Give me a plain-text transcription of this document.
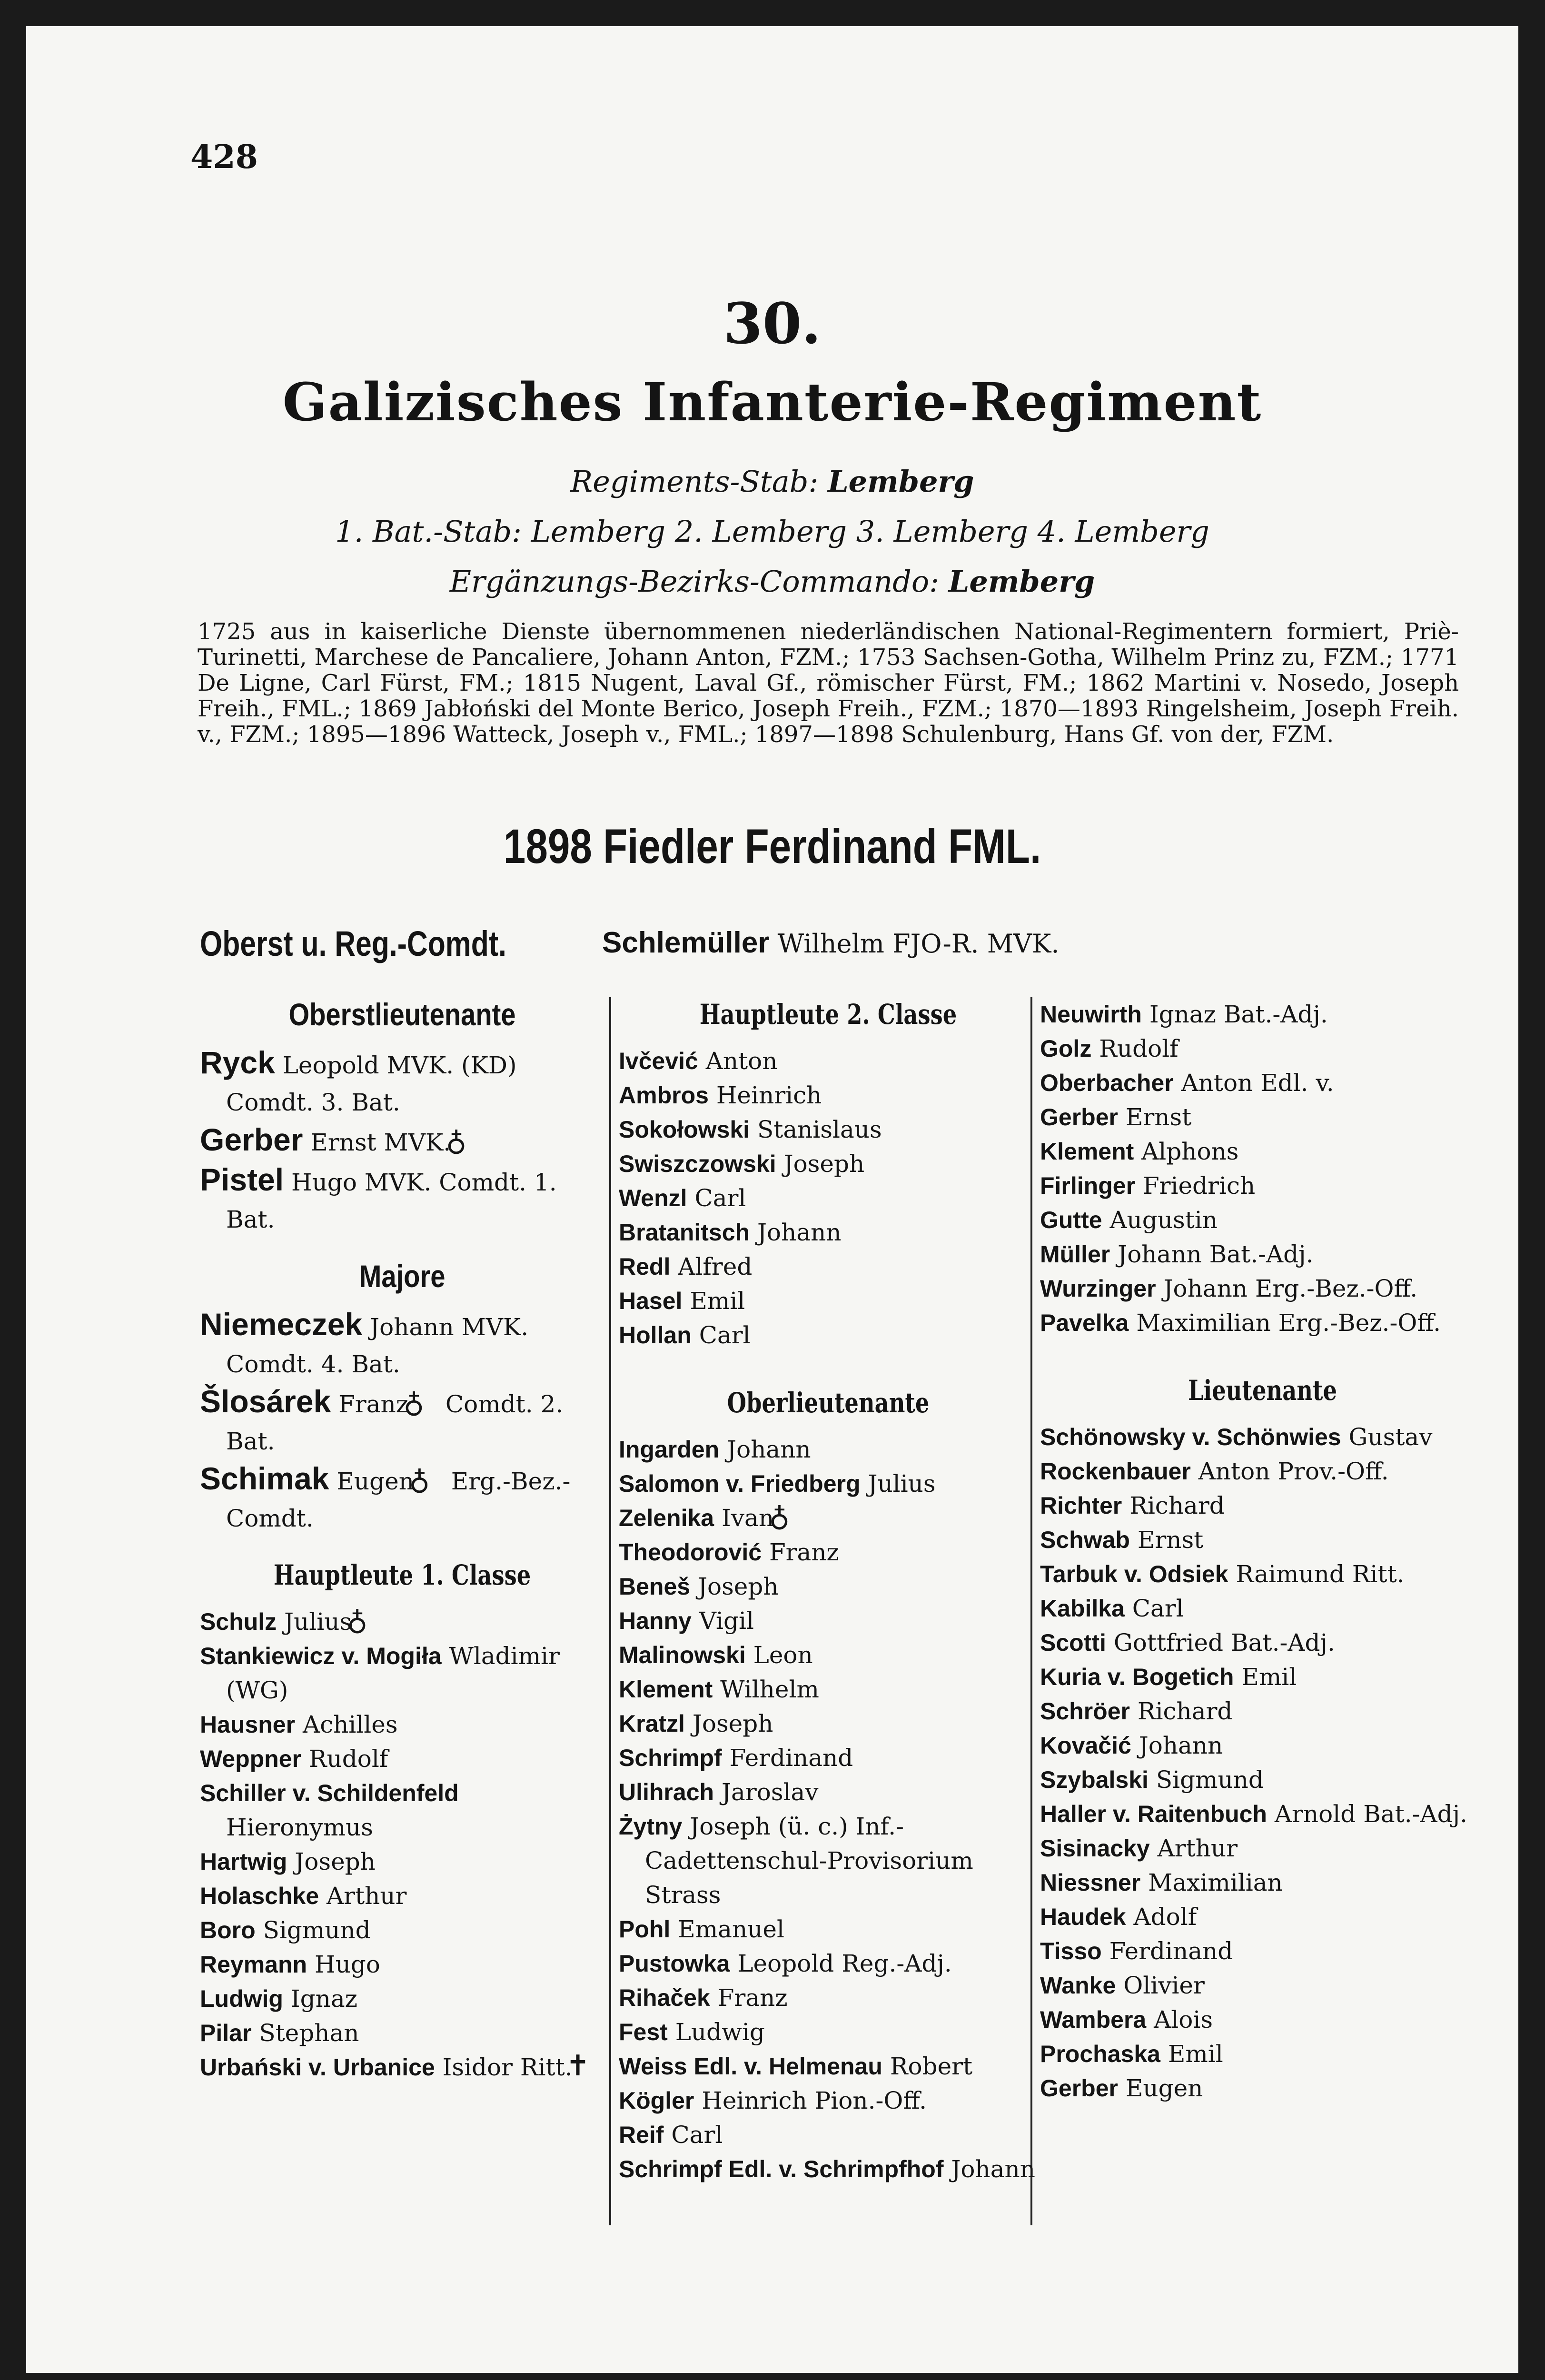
428
30.
Galizisches Infanterie-Regiment
Regiments-Stab: Lemberg
1. Bat.-Stab: Lemberg 2. Lemberg 3. Lemberg 4. Lemberg
Ergänzungs-Bezirks-Commando: Lemberg
1725 aus in kaiserliche Dienste übernommenen niederländischen National-Regimentern formiert, Priè-Turinetti, Marchese de Pancaliere, Johann Anton, FZM.; 1753 Sachsen-Gotha, Wilhelm Prinz zu, FZM.; 1771 De Ligne, Carl Fürst, FM.; 1815 Nugent, Laval Gf., römischer Fürst, FM.; 1862 Martini v. Nosedo, Joseph Freih., FML.; 1869 Jabłoński del Monte Berico, Joseph Freih., FZM.; 1870—1893 Ringelsheim, Joseph Freih. v., FZM.; 1895—1896 Watteck, Joseph v., FML.; 1897—1898 Schulenburg, Hans Gf. von der, FZM.
1898 Fiedler Ferdinand FML.
Oberst u. Reg.-Comdt.	Schlemüller Wilhelm FJO-R. MVK.
Oberstlieutenante
Ryck Leopold MVK. (KD) Comdt. 3. Bat.
Gerber Ernst MVK. ♁
Pistel Hugo MVK. Comdt. 1. Bat.
Majore
Niemeczek Johann MVK. Comdt. 4. Bat.
Šlosárek Franz ♁ Comdt. 2. Bat.
Schimak Eugen ♁ Erg.-Bez.-Comdt.
Hauptleute 1. Classe
Schulz Julius ♁
Stankiewicz v. Mogiła Wladimir (WG)
Hausner Achilles
Weppner Rudolf
Schiller v. Schildenfeld Hieronymus
Hartwig Joseph
Holaschke Arthur
Boro Sigmund
Reymann Hugo
Ludwig Ignaz
Pilar Stephan
Urbański v. Urbanice Isidor Ritt. ✝
Hauptleute 2. Classe
Ivčević Anton
Ambros Heinrich
Sokołowski Stanislaus
Swiszczowski Joseph
Wenzl Carl
Bratanitsch Johann
Redl Alfred
Hasel Emil
Hollan Carl
Oberlieutenante
Ingarden Johann
Salomon v. Friedberg Julius
Zelenika Ivan ♁
Theodorović Franz
Beneš Joseph
Hanny Vigil
Malinowski Leon
Klement Wilhelm
Kratzl Joseph
Schrimpf Ferdinand
Ulihrach Jaroslav
Żytny Joseph (ü. c.) Inf.-Cadettenschul-Provisorium Strass
Pohl Emanuel
Pustowka Leopold Reg.-Adj.
Rihaček Franz
Fest Ludwig
Weiss Edl. v. Helmenau Robert
Kögler Heinrich Pion.-Off.
Reif Carl
Schrimpf Edl. v. Schrimpfhof Johann
Neuwirth Ignaz Bat.-Adj.
Golz Rudolf
Oberbacher Anton Edl. v.
Gerber Ernst
Klement Alphons
Firlinger Friedrich
Gutte Augustin
Müller Johann Bat.-Adj.
Wurzinger Johann Erg.-Bez.-Off.
Pavelka Maximilian Erg.-Bez.-Off.
Lieutenante
Schönowsky v. Schönwies Gustav
Rockenbauer Anton Prov.-Off.
Richter Richard
Schwab Ernst
Tarbuk v. Odsiek Raimund Ritt.
Kabilka Carl
Scotti Gottfried Bat.-Adj.
Kuria v. Bogetich Emil
Schröer Richard
Kovačić Johann
Szybalski Sigmund
Haller v. Raitenbuch Arnold Bat.-Adj.
Sisinacky Arthur
Niessner Maximilian
Haudek Adolf
Tisso Ferdinand
Wanke Olivier
Wambera Alois
Prochaska Emil
Gerber Eugen
